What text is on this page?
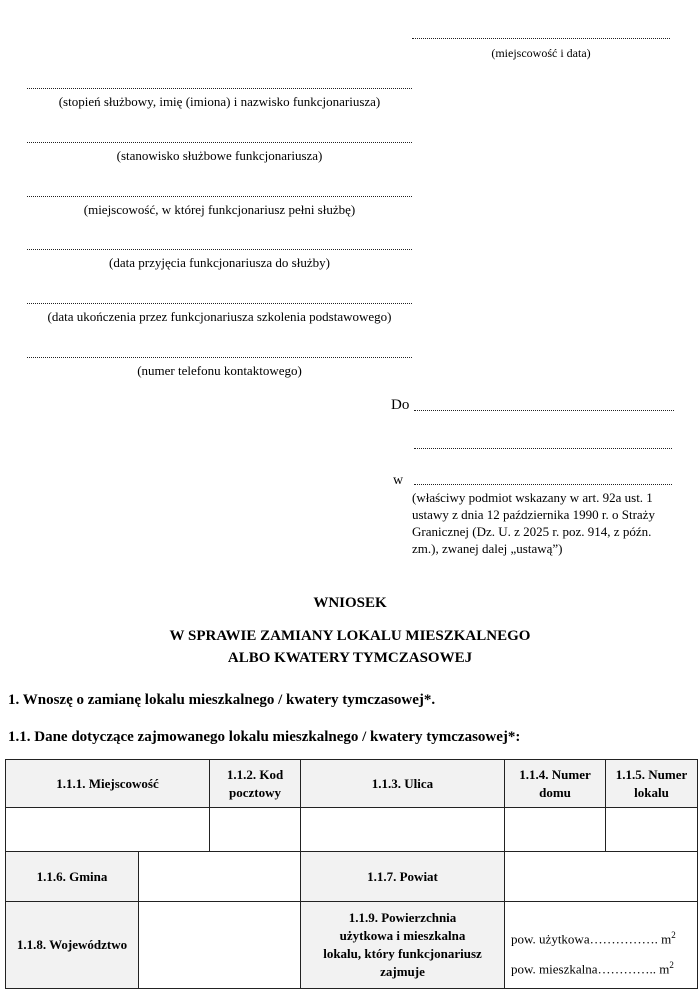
(miejscowość i data)
(stopień służbowy, imię (imiona) i nazwisko funkcjonariusza)
(stanowisko służbowe funkcjonariusza)
(miejscowość, w której funkcjonariusz pełni służbę)
(data przyjęcia funkcjonariusza do służby)
(data ukończenia przez funkcjonariusza szkolenia podstawowego)
(numer telefonu kontaktowego)
Do
w
(właściwy podmiot wskazany w art. 92a ust. 1 ustawy z dnia 12 października 1990 r. o Straży Granicznej (Dz. U. z 2025 r. poz. 914, z późn. zm.), zwanej dalej „ustawą”)
WNIOSEK
W SPRAWIE ZAMIANY LOKALU MIESZKALNEGO
ALBO KWATERY TYMCZASOWEJ
1. Wnoszę o zamianę lokalu mieszkalnego / kwatery tymczasowej*.
1.1. Dane dotyczące zajmowanego lokalu mieszkalnego / kwatery tymczasowej*:
1.1.1. Miejscowość		1.1.2. Kod pocztowy	1.1.3. Ulica	1.1.4. Numer domu	1.1.5. Numer lokalu

1.1.6. Gmina			1.1.7. Powiat		
1.1.8. Województwo			1.1.9. Powierzchnia użytkowa i mieszkalna lokalu, który funkcjonariusz zajmuje	pow. użytkowa……………. $m^2$
pow. mieszkalna………….. $m^2$
